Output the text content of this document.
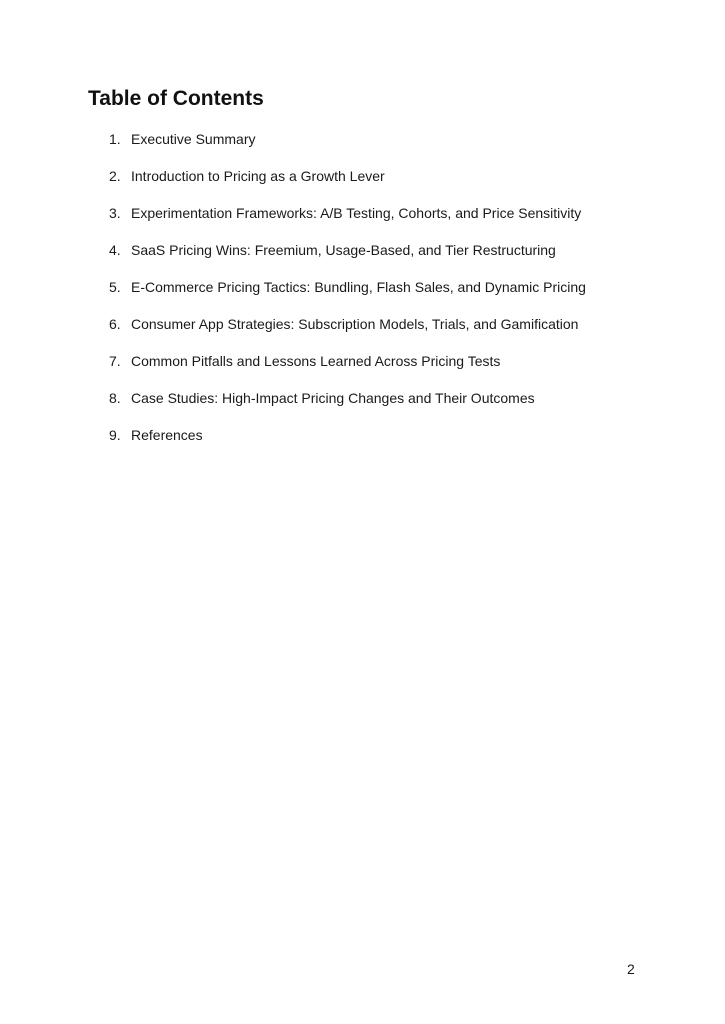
Table of Contents
1. Executive Summary
2. Introduction to Pricing as a Growth Lever
3. Experimentation Frameworks: A/B Testing, Cohorts, and Price Sensitivity
4. SaaS Pricing Wins: Freemium, Usage-Based, and Tier Restructuring
5. E-Commerce Pricing Tactics: Bundling, Flash Sales, and Dynamic Pricing
6. Consumer App Strategies: Subscription Models, Trials, and Gamification
7. Common Pitfalls and Lessons Learned Across Pricing Tests
8. Case Studies: High-Impact Pricing Changes and Their Outcomes
9. References
2
